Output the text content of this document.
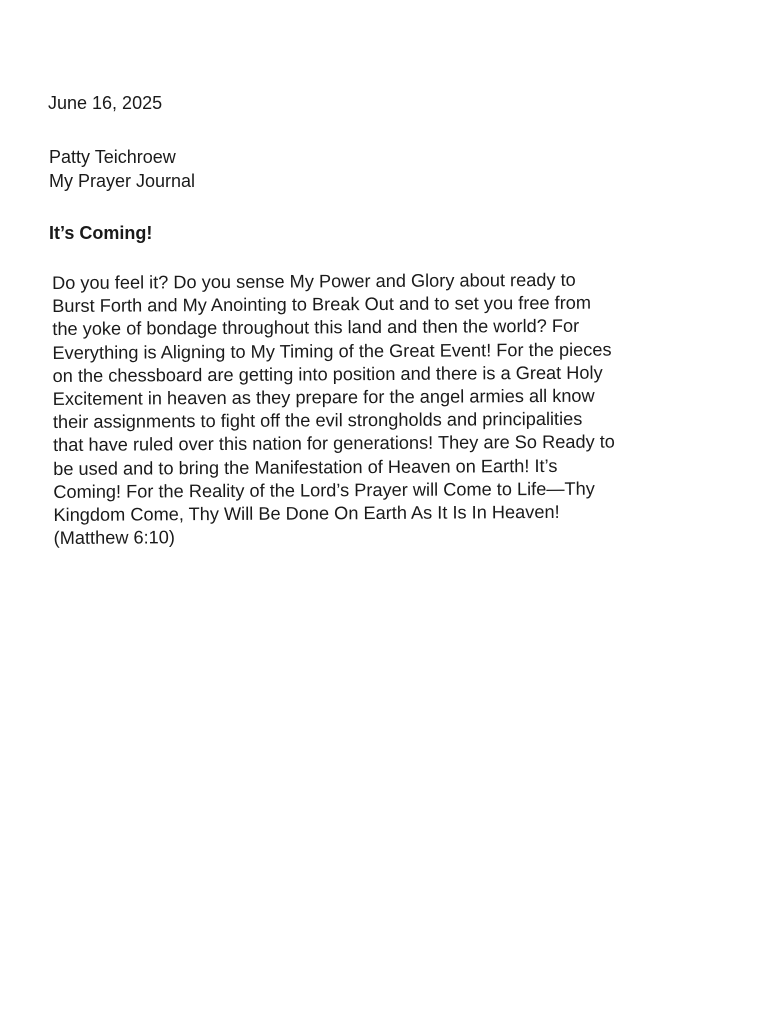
June 16, 2025

Patty Teichroew
My Prayer Journal
It’s Coming!

Do you feel it? Do you sense My Power and Glory about ready to
Burst Forth and My Anointing to Break Out and to set you free from
the yoke of bondage throughout this land and then the world? For
Everything is Aligning to My Timing of the Great Event! For the pieces
on the chessboard are getting into position and there is a Great Holy
Excitement in heaven as they prepare for the angel armies all know
their assignments to fight off the evil strongholds and principalities
that have ruled over this nation for generations! They are So Ready to
be used and to bring the Manifestation of Heaven on Earth! It’s
Coming! For the Reality of the Lord’s Prayer will Come to Life—Thy
Kingdom Come, Thy Will Be Done On Earth As It Is In Heaven!
(Matthew 6:10)
